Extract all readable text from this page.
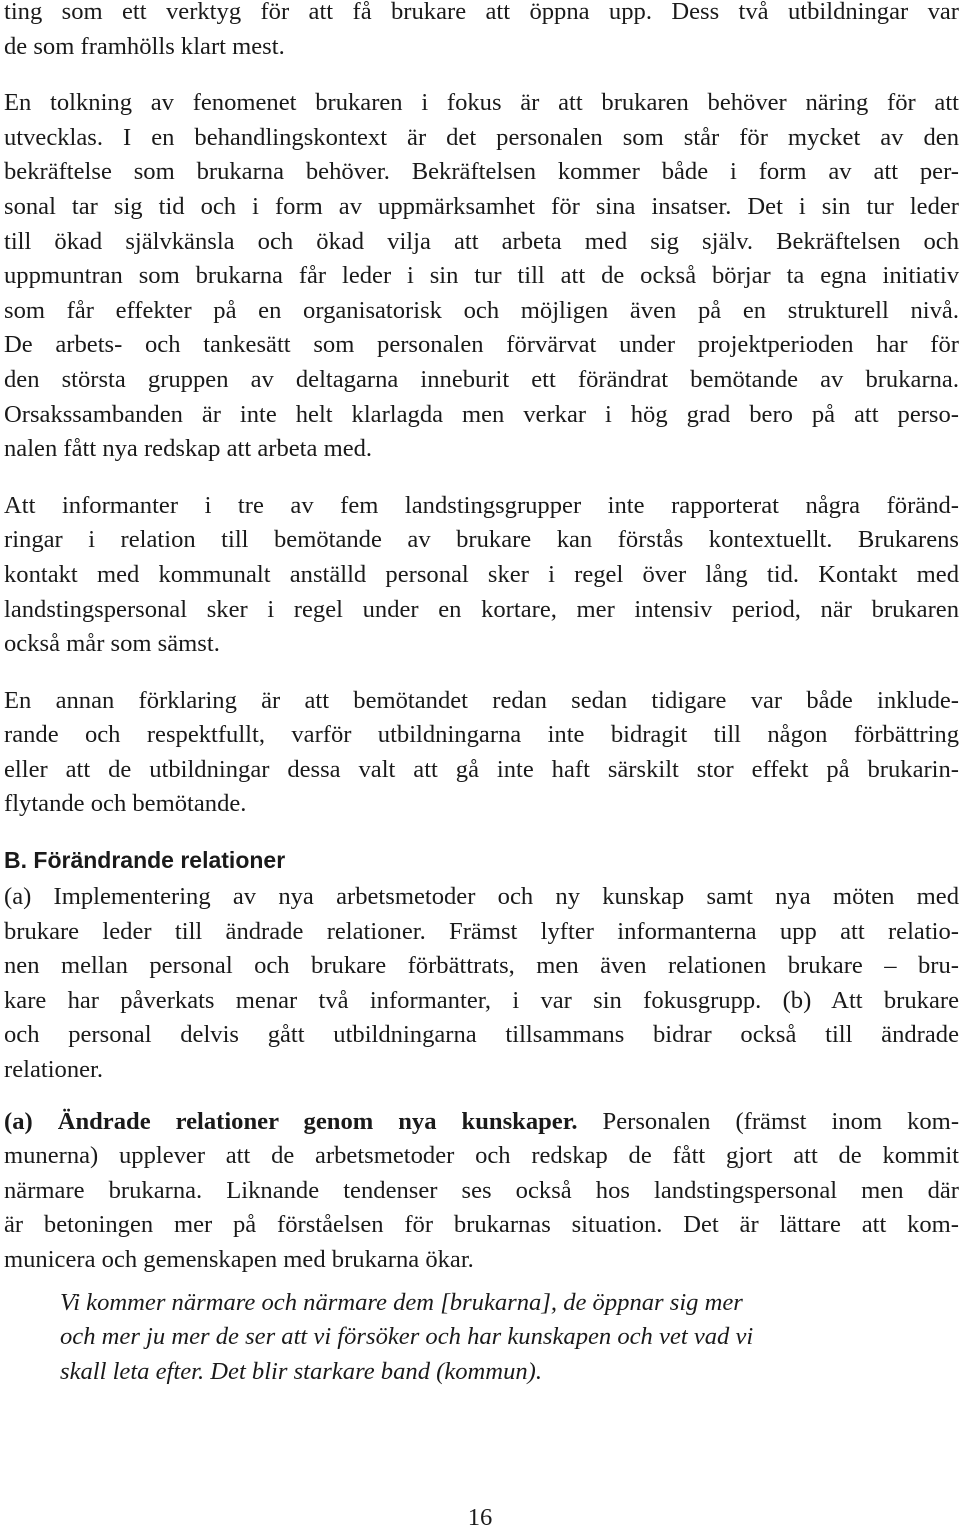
ting som ett verktyg för att få brukare att öppna upp. Dess två utbildningar var
de som framhölls klart mest.

En tolkning av fenomenet brukaren i fokus är att brukaren behöver näring för att
utvecklas. I en behandlingskontext är det personalen som står för mycket av den
bekräftelse som brukarna behöver. Bekräftelsen kommer både i form av att per-
sonal tar sig tid och i form av uppmärksamhet för sina insatser. Det i sin tur leder
till ökad självkänsla och ökad vilja att arbeta med sig själv. Bekräftelsen och
uppmuntran som brukarna får leder i sin tur till att de också börjar ta egna initiativ
som får effekter på en organisatorisk och möjligen även på en strukturell nivå.
De arbets- och tankesätt som personalen förvärvat under projektperioden har för
den största gruppen av deltagarna inneburit ett förändrat bemötande av brukarna.
Orsakssambanden är inte helt klarlagda men verkar i hög grad bero på att perso-
nalen fått nya redskap att arbeta med.

Att informanter i tre av fem landstingsgrupper inte rapporterat några föränd-
ringar i relation till bemötande av brukare kan förstås kontextuellt. Brukarens
kontakt med kommunalt anställd personal sker i regel över lång tid. Kontakt med
landstingspersonal sker i regel under en kortare, mer intensiv period, när brukaren
också mår som sämst.

En annan förklaring är att bemötandet redan sedan tidigare var både inklude-
rande och respektfullt, varför utbildningarna inte bidragit till någon förbättring
eller att de utbildningar dessa valt att gå inte haft särskilt stor effekt på brukarin-
flytande och bemötande.

B. Förändrande relationer

(a) Implementering av nya arbetsmetoder och ny kunskap samt nya möten med
brukare leder till ändrade relationer. Främst lyfter informanterna upp att relatio-
nen mellan personal och brukare förbättrats, men även relationen brukare – bru-
kare har påverkats menar två informanter, i var sin fokusgrupp. (b) Att brukare
och personal delvis gått utbildningarna tillsammans bidrar också till ändrade
relationer.

(a) Ändrade relationer genom nya kunskaper. Personalen (främst inom kom-
munerna) upplever att de arbetsmetoder och redskap de fått gjort att de kommit
närmare brukarna. Liknande tendenser ses också hos landstingspersonal men där
är betoningen mer på förståelsen för brukarnas situation. Det är lättare att kom-
municera och gemenskapen med brukarna ökar.

Vi kommer närmare och närmare dem [brukarna], de öppnar sig mer
och mer ju mer de ser att vi försöker och har kunskapen och vet vad vi
skall leta efter. Det blir starkare band (kommun).

16
